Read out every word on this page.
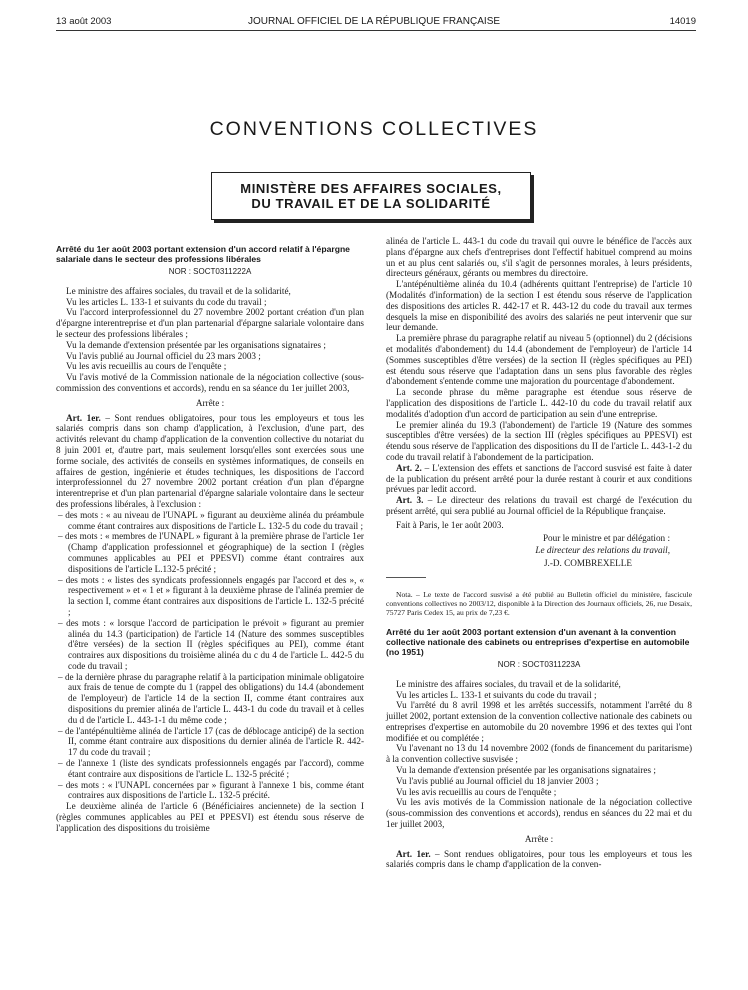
13 août 2003	JOURNAL OFFICIEL DE LA RÉPUBLIQUE FRANÇAISE	14019
CONVENTIONS COLLECTIVES
MINISTÈRE DES AFFAIRES SOCIALES,
DU TRAVAIL ET DE LA SOLIDARITÉ

Arrêté du 1er août 2003 portant extension d'un accord relatif à l'épargne salariale dans le secteur des professions libérales

NOR : SOCT0311222A

Le ministre des affaires sociales, du travail et de la solidarité,

Vu les articles L. 133-1 et suivants du code du travail ;

Vu l'accord interprofessionnel du 27 novembre 2002 portant création d'un plan d'épargne interentreprise et d'un plan partenarial d'épargne salariale volontaire dans le secteur des professions libérales ;

Vu la demande d'extension présentée par les organisations signataires ;

Vu l'avis publié au Journal officiel du 23 mars 2003 ;

Vu les avis recueillis au cours de l'enquête ;

Vu l'avis motivé de la Commission nationale de la négociation collective (sous-commission des conventions et accords), rendu en sa séance du 1er juillet 2003,

Arrête :

Art. 1er. – Sont rendues obligatoires, pour tous les employeurs et tous les salariés compris dans son champ d'application, à l'exclusion, d'une part, des activités relevant du champ d'application de la convention collective du notariat du 8 juin 2001 et, d'autre part, mais seulement lorsqu'elles sont exercées sous une forme sociale, des activités de conseils en systèmes informatiques, de conseils en affaires de gestion, ingénierie et études techniques, les dispositions de l'accord interprofessionnel du 27 novembre 2002 portant création d'un plan d'épargne interentreprise et d'un plan partenarial d'épargne salariale volontaire dans le secteur des professions libérales, à l'exclusion :

– des mots : « au niveau de l'UNAPL » figurant au deuxième alinéa du préambule comme étant contraires aux dispositions de l'article L. 132-5 du code du travail ;
– des mots : « membres de l'UNAPL » figurant à la première phrase de l'article 1er (Champ d'application professionnel et géographique) de la section I (règles communes applicables au PEI et PPESVI) comme étant contraires aux dispositions de l'article L.132-5 précité ;
– des mots : « listes des syndicats professionnels engagés par l'accord et des », « respectivement » et « 1 et » figurant à la deuxième phrase de l'alinéa premier de la section I, comme étant contraires aux dispositions de l'article L. 132-5 précité ;
– des mots : « lorsque l'accord de participation le prévoit » figurant au premier alinéa du 14.3 (participation) de l'article 14 (Nature des sommes susceptibles d'être versées) de la section II (règles spécifiques au PEI), comme étant contraires aux dispositions du troisième alinéa du c du 4 de l'article L. 442-5 du code du travail ;
– de la dernière phrase du paragraphe relatif à la participation minimale obligatoire aux frais de tenue de compte du 1 (rappel des obligations) du 14.4 (abondement de l'employeur) de l'article 14 de la section II, comme étant contraires aux dispositions du premier alinéa de l'article L. 443-1 du code du travail et à celles du d de l'article L. 443-1-1 du même code ;
– de l'antépénultième alinéa de l'article 17 (cas de déblocage anticipé) de la section II, comme étant contraire aux dispositions du dernier alinéa de l'article R. 442-17 du code du travail ;
– de l'annexe 1 (liste des syndicats professionnels engagés par l'accord), comme étant contraire aux dispositions de l'article L. 132-5 précité ;
– des mots : « l'UNAPL concernées par » figurant à l'annexe 1 bis, comme étant contraires aux dispositions de l'article L. 132-5 précité.

Le deuxième alinéa de l'article 6 (Bénéficiaires anciennete) de la section I (règles communes applicables au PEI et PPESVI) est étendu sous réserve de l'application des dispositions du troisième

alinéa de l'article L. 443-1 du code du travail qui ouvre le bénéfice de l'accès aux plans d'épargne aux chefs d'entreprises dont l'effectif habituel comprend au moins un et au plus cent salariés ou, s'il s'agit de personnes morales, à leurs présidents, directeurs généraux, gérants ou membres du directoire.

L'antépénultième alinéa du 10.4 (adhérents quittant l'entreprise) de l'article 10 (Modalités d'information) de la section I est étendu sous réserve de l'application des dispositions des articles R. 442-17 et R. 443-12 du code du travail aux termes desquels la mise en disponibilité des avoirs des salariés ne peut intervenir que sur leur demande.

La première phrase du paragraphe relatif au niveau 5 (optionnel) du 2 (décisions et modalités d'abondement) du 14.4 (abondement de l'employeur) de l'article 14 (Sommes susceptibles d'être versées) de la section II (règles spécifiques au PEI) est étendu sous réserve que l'adaptation dans un sens plus favorable des règles d'abondement s'entende comme une majoration du pourcentage d'abondement.

La seconde phrase du même paragraphe est étendue sous réserve de l'application des dispositions de l'article L. 442-10 du code du travail relatif aux modalités d'adoption d'un accord de participation au sein d'une entreprise.

Le premier alinéa du 19.3 (l'abondement) de l'article 19 (Nature des sommes susceptibles d'être versées) de la section III (règles spécifiques au PPESVI) est étendu sous réserve de l'application des dispositions du II de l'article L. 443-1-2 du code du travail relatif à l'abondement de la participation.

Art. 2. – L'extension des effets et sanctions de l'accord susvisé est faite à dater de la publication du présent arrêté pour la durée restant à courir et aux conditions prévues par ledit accord.

Art. 3. – Le directeur des relations du travail est chargé de l'exécution du présent arrêté, qui sera publié au Journal officiel de la République française.

Fait à Paris, le 1er août 2003.

Pour le ministre et par délégation :

Le directeur des relations du travail,

J.-D. COMBREXELLE

Nota. – Le texte de l'accord susvisé a été publié au Bulletin officiel du ministère, fascicule conventions collectives no 2003/12, disponible à la Direction des Journaux officiels, 26, rue Desaix, 75727 Paris Cedex 15, au prix de 7,23 €.

Arrêté du 1er août 2003 portant extension d'un avenant à la convention collective nationale des cabinets ou entreprises d'expertise en automobile (no 1951)

NOR : SOCT0311223A

Le ministre des affaires sociales, du travail et de la solidarité,

Vu les articles L. 133-1 et suivants du code du travail ;

Vu l'arrêté du 8 avril 1998 et les arrêtés successifs, notamment l'arrêté du 8 juillet 2002, portant extension de la convention collective nationale des cabinets ou entreprises d'expertise en automobile du 20 novembre 1996 et des textes qui l'ont modifiée et ou complétée ;

Vu l'avenant no 13 du 14 novembre 2002 (fonds de financement du paritarisme) à la convention collective susvisée ;

Vu la demande d'extension présentée par les organisations signataires ;

Vu l'avis publié au Journal officiel du 18 janvier 2003 ;

Vu les avis recueillis au cours de l'enquête ;

Vu les avis motivés de la Commission nationale de la négociation collective (sous-commission des conventions et accords), rendus en séances du 22 mai et du 1er juillet 2003,

Arrête :

Art. 1er. – Sont rendues obligatoires, pour tous les employeurs et tous les salariés compris dans le champ d'application de la conven-
